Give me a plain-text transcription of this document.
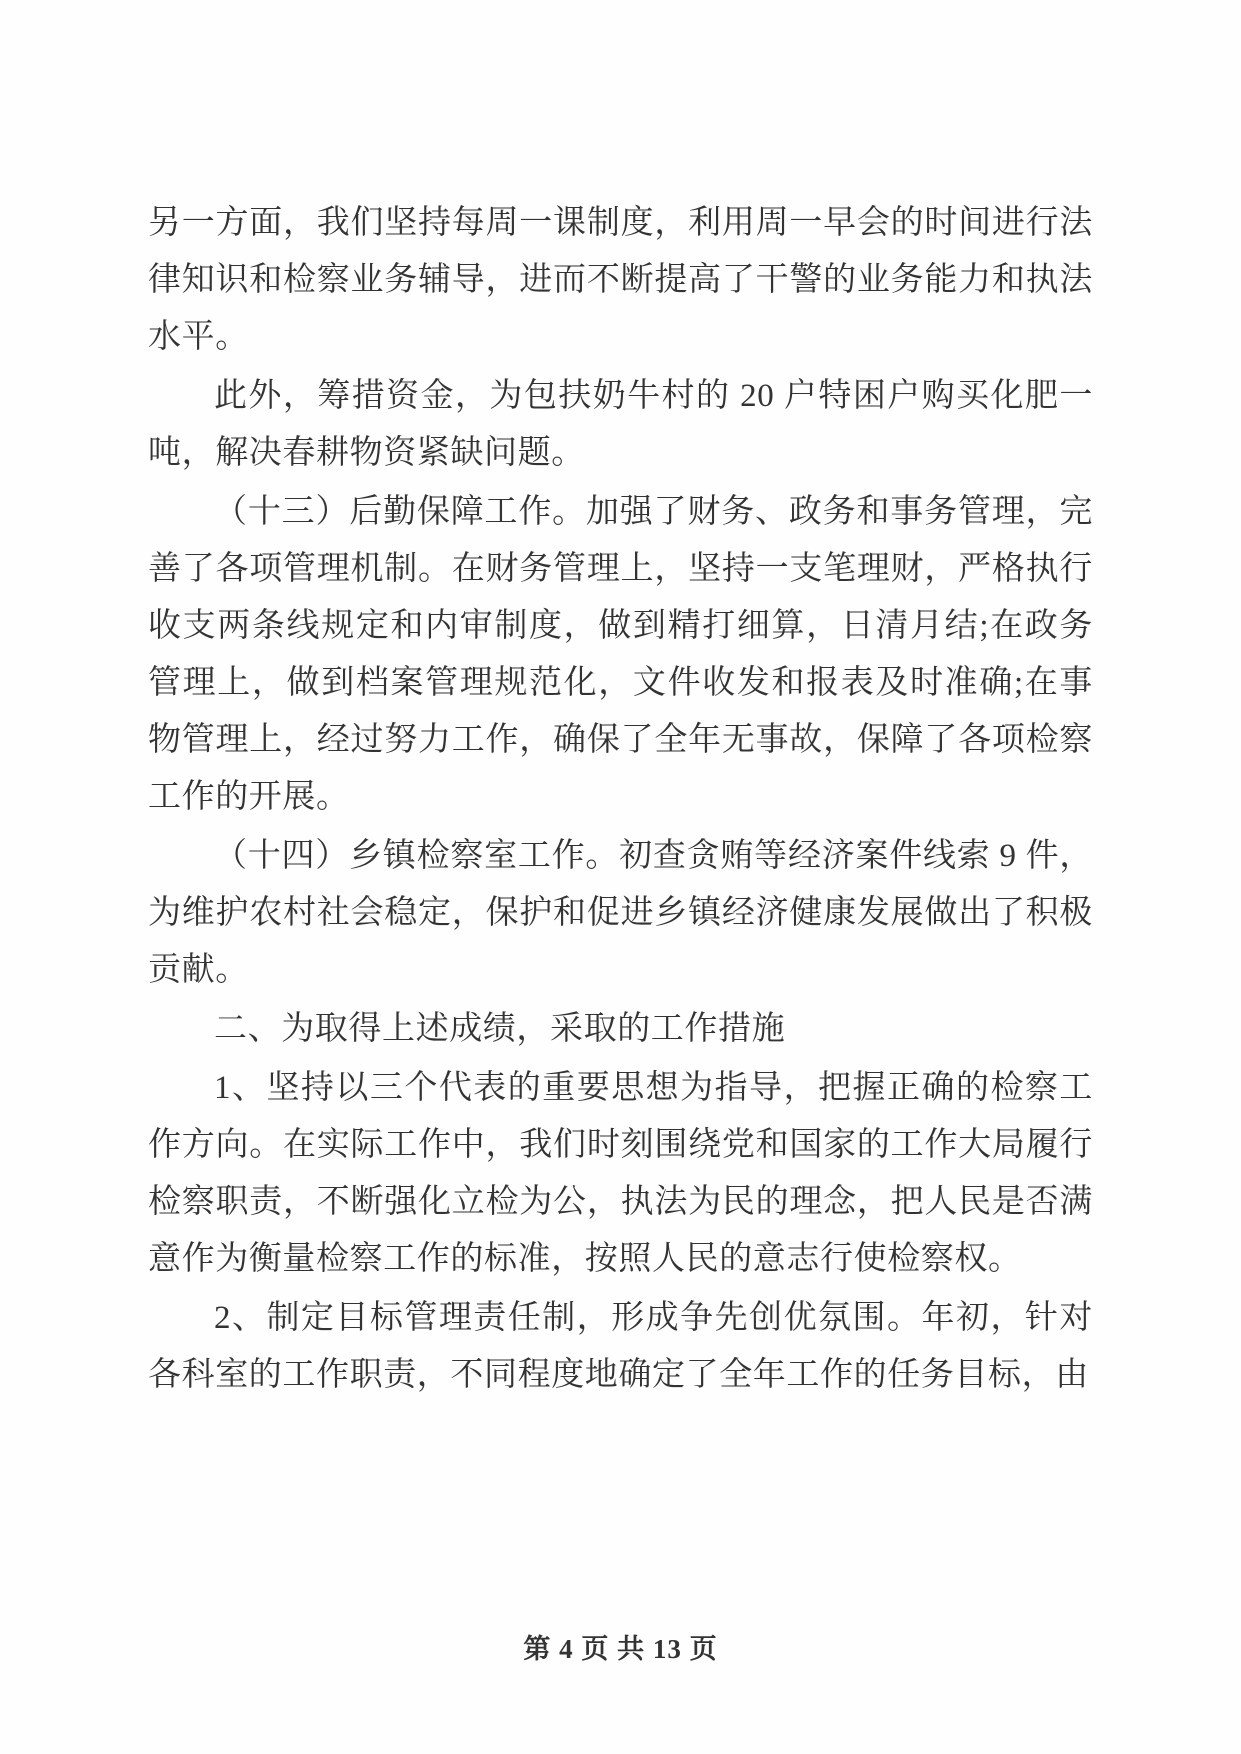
另一方面，我们坚持每周一课制度，利用周一早会的时间进行法律知识和检察业务辅导，进而不断提高了干警的业务能力和执法水平。

此外，筹措资金，为包扶奶牛村的 20 户特困户购买化肥一吨，解决春耕物资紧缺问题。

（十三）后勤保障工作。加强了财务、政务和事务管理，完善了各项管理机制。在财务管理上，坚持一支笔理财，严格执行收支两条线规定和内审制度，做到精打细算，日清月结;在政务管理上，做到档案管理规范化，文件收发和报表及时准确;在事物管理上，经过努力工作，确保了全年无事故，保障了各项检察工作的开展。

（十四）乡镇检察室工作。初查贪贿等经济案件线索 9 件，为维护农村社会稳定，保护和促进乡镇经济健康发展做出了积极贡献。

二、为取得上述成绩，采取的工作措施

1、坚持以三个代表的重要思想为指导，把握正确的检察工作方向。在实际工作中，我们时刻围绕党和国家的工作大局履行检察职责，不断强化立检为公，执法为民的理念，把人民是否满意作为衡量检察工作的标准，按照人民的意志行使检察权。

2、制定目标管理责任制，形成争先创优氛围。年初，针对各科室的工作职责，不同程度地确定了全年工作的任务目标，由

第 4 页 共 13 页
